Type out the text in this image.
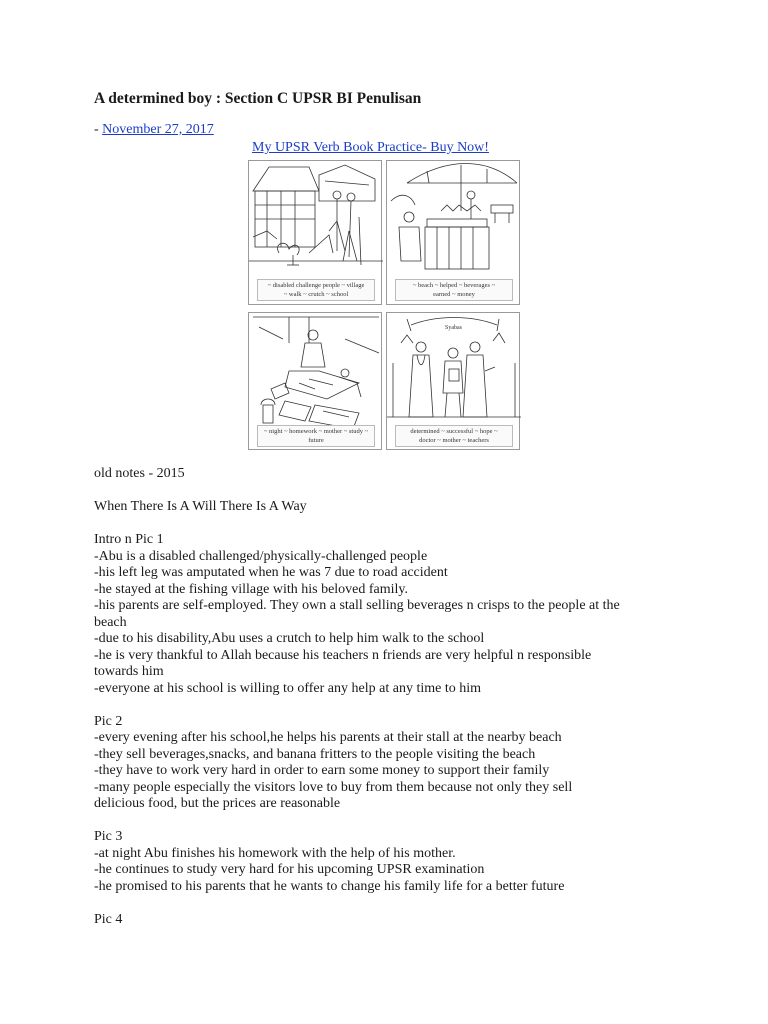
A determined boy : Section C UPSR BI Penulisan
- November 27, 2017
My UPSR Verb Book Practice- Buy Now!
~ disabled challenge people ~ village
~ walk ~ crutch ~ school
~ beach ~ helped ~ beverages ~
earned ~ money
~ night ~ homework ~ mother ~ study ~
future
Syabas
determined ~ successful ~ hope ~
doctor ~ mother ~ teachers

old notes - 2015

When There Is A Will There Is A Way

Intro n Pic 1

-Abu is a disabled challenged/physically-challenged people

-his left leg was amputated when he was 7 due to road accident

-he stayed at the fishing village with his beloved family.

-his parents are self-employed. They own a stall selling beverages n crisps to the people at the

beach

-due to his disability,Abu uses a crutch to help him walk to the school

-he is very thankful to Allah because his teachers n friends are very helpful n responsible

towards him

-everyone at his school is willing to offer any help at any time to him

Pic 2

-every evening after his school,he helps his parents at their stall at the nearby beach

-they sell beverages,snacks, and banana fritters to the people visiting the beach

-they have to work very hard in order to earn some money to support their family

-many people especially the visitors love to buy from them because not only they sell

delicious food, but the prices are reasonable

Pic 3

-at night Abu finishes his homework with the help of his mother.

-he continues to study very hard for his upcoming UPSR examination

-he promised to his parents that he wants to change his family life for a better future

Pic 4
